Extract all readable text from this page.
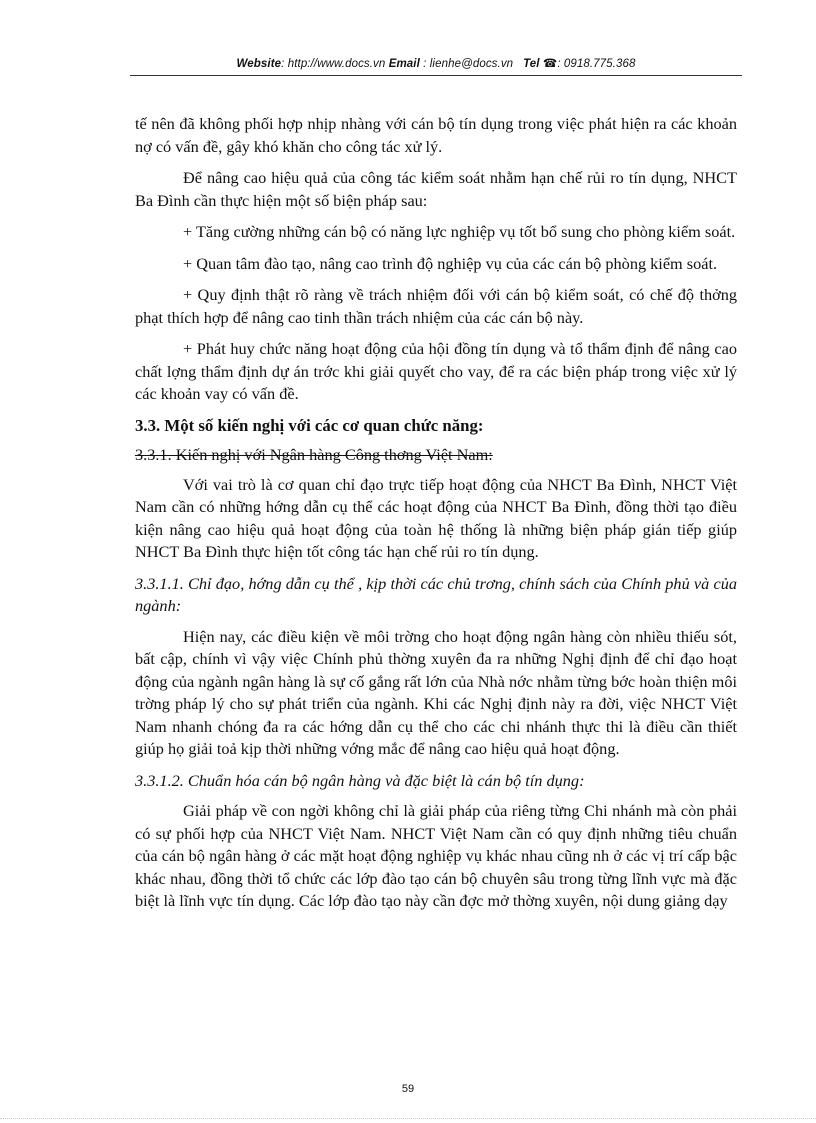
Website: http://www.docs.vn Email : lienhe@docs.vn Tel ☎: 0918.775.368

tế nên đã không phối hợp nhịp nhàng với cán bộ tín dụng trong việc phát hiện ra các khoản nợ có vấn đề, gây khó khăn cho công tác xử lý.

Để nâng cao hiệu quả của công tác kiểm soát nhằm hạn chế rủi ro tín dụng, NHCT Ba Đình cần thực hiện một số biện pháp sau:

+ Tăng cường những cán bộ có năng lực nghiệp vụ tốt bổ sung cho phòng kiểm soát.

+ Quan tâm đào tạo, nâng cao trình độ nghiệp vụ của các cán bộ phòng kiểm soát.

+ Quy định thật rõ ràng về trách nhiệm đối với cán bộ kiểm soát, có chế độ thởng phạt thích hợp để nâng cao tinh thần trách nhiệm của các cán bộ này.

+ Phát huy chức năng hoạt động của hội đồng tín dụng và tổ thẩm định để nâng cao chất lợng thẩm định dự án trớc khi giải quyết cho vay, để ra các biện pháp trong việc xử lý các khoản vay có vấn đề.

3.3. Một số kiến nghị với các cơ quan chức năng:
3.3.1. Kiến nghị với Ngân hàng Công thơng Việt Nam:

Với vai trò là cơ quan chỉ đạo trực tiếp hoạt động của NHCT Ba Đình, NHCT Việt Nam cần có những hớng dẫn cụ thể các hoạt động của NHCT Ba Đình, đồng thời tạo điều kiện nâng cao hiệu quả hoạt động của toàn hệ thống là những biện pháp gián tiếp giúp NHCT Ba Đình thực hiện tốt công tác hạn chế rủi ro tín dụng.

3.3.1.1. Chỉ đạo, hớng dẫn cụ thể , kịp thời các chủ trơng, chính sách của Chính phủ và của ngành:

Hiện nay, các điều kiện về môi trờng cho hoạt động ngân hàng còn nhiều thiếu sót, bất cập, chính vì vậy việc Chính phủ thờng xuyên đa ra những Nghị định để chỉ đạo hoạt động của ngành ngân hàng là sự cố gắng rất lớn của Nhà nớc nhằm từng bớc hoàn thiện môi trờng pháp lý cho sự phát triển của ngành. Khi các Nghị định này ra đời, việc NHCT Việt Nam nhanh chóng đa ra các hớng dẫn cụ thể cho các chi nhánh thực thi là điều cần thiết giúp họ giải toả kịp thời những vớng mắc để nâng cao hiệu quả hoạt động.

3.3.1.2. Chuẩn hóa cán bộ ngân hàng và đặc biệt là cán bộ tín dụng:

Giải pháp về con ngời không chỉ là giải pháp của riêng từng Chi nhánh mà còn phải có sự phối hợp của NHCT Việt Nam. NHCT Việt Nam cần có quy định những tiêu chuẩn của cán bộ ngân hàng ở các mặt hoạt động nghiệp vụ khác nhau cũng nh ở các vị trí cấp bậc khác nhau, đồng thời tổ chức các lớp đào tạo cán bộ chuyên sâu trong từng lĩnh vực mà đặc biệt là lĩnh vực tín dụng. Các lớp đào tạo này cần đợc mở thờng xuyên, nội dung giảng dạy

59
